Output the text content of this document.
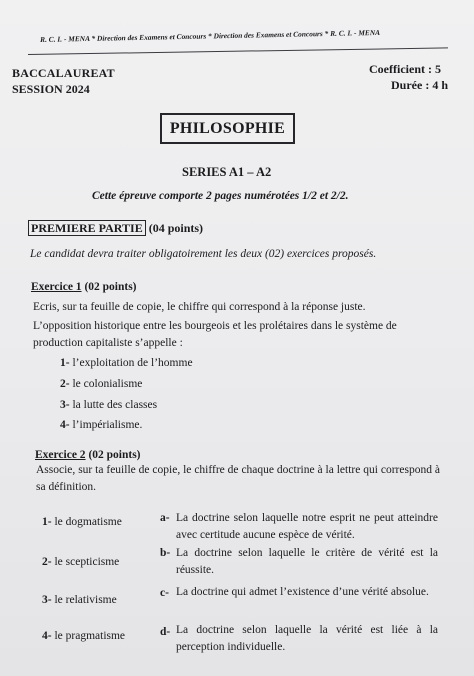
R. C. I. - MENA * Direction des Examens et Concours * Direction des Examens et Concours * R. C. I. - MENA
BACCALAUREAT
SESSION 2024
Coefficient : 5
Durée : 4 h
PHILOSOPHIE
SERIES A1 – A2
Cette épreuve comporte 2 pages numérotées 1/2 et 2/2.
PREMIERE PARTIE (04 points)
Le candidat devra traiter obligatoirement les deux (02) exercices proposés.
Exercice 1 (02 points)
Ecris, sur ta feuille de copie, le chiffre qui correspond à la réponse juste.
L’opposition historique entre les bourgeois et les prolétaires dans le système de production capitaliste s’appelle :
1- l’exploitation de l’homme
2- le colonialisme
3- la lutte des classes
4- l’impérialisme.
Exercice 2 (02 points)
Associe, sur ta feuille de copie, le chiffre de chaque doctrine à la lettre qui correspond à sa définition.
1- le dogmatisme
2- le scepticisme
3- le relativisme
4- le pragmatisme
a-
b-
c-
d-
La doctrine selon laquelle notre esprit ne peut atteindre avec certitude aucune espèce de vérité.
La doctrine selon laquelle le critère de vérité est la réussite.
La doctrine qui admet l’existence d’une vérité absolue.
La doctrine selon laquelle la vérité est liée à la perception individuelle.
